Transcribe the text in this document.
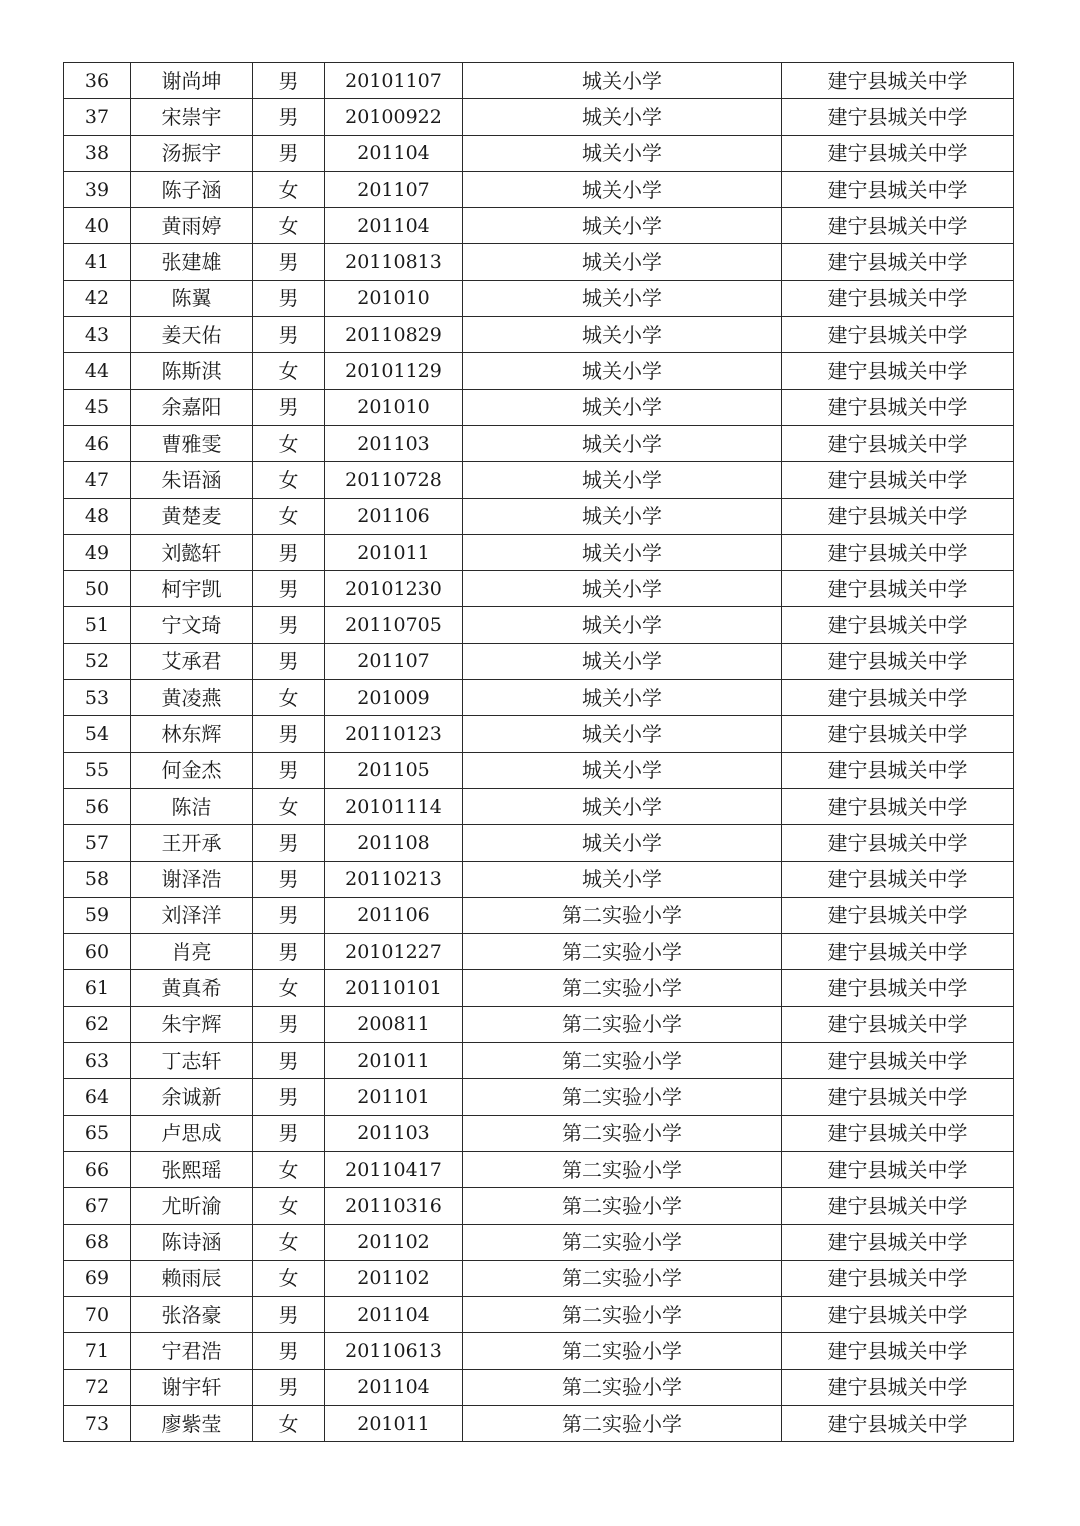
36	谢尚坤	男	20101107	城关小学	建宁县城关中学
37	宋崇宇	男	20100922	城关小学	建宁县城关中学
38	汤振宇	男	201104	城关小学	建宁县城关中学
39	陈子涵	女	201107	城关小学	建宁县城关中学
40	黄雨婷	女	201104	城关小学	建宁县城关中学
41	张建雄	男	20110813	城关小学	建宁县城关中学
42	陈翼	男	201010	城关小学	建宁县城关中学
43	姜天佑	男	20110829	城关小学	建宁县城关中学
44	陈斯淇	女	20101129	城关小学	建宁县城关中学
45	余嘉阳	男	201010	城关小学	建宁县城关中学
46	曹雅雯	女	201103	城关小学	建宁县城关中学
47	朱语涵	女	20110728	城关小学	建宁县城关中学
48	黄楚麦	女	201106	城关小学	建宁县城关中学
49	刘懿轩	男	201011	城关小学	建宁县城关中学
50	柯宇凯	男	20101230	城关小学	建宁县城关中学
51	宁文琦	男	20110705	城关小学	建宁县城关中学
52	艾承君	男	201107	城关小学	建宁县城关中学
53	黄凌燕	女	201009	城关小学	建宁县城关中学
54	林东辉	男	20110123	城关小学	建宁县城关中学
55	何金杰	男	201105	城关小学	建宁县城关中学
56	陈洁	女	20101114	城关小学	建宁县城关中学
57	王开承	男	201108	城关小学	建宁县城关中学
58	谢泽浩	男	20110213	城关小学	建宁县城关中学
59	刘泽洋	男	201106	第二实验小学	建宁县城关中学
60	肖亮	男	20101227	第二实验小学	建宁县城关中学
61	黄真希	女	20110101	第二实验小学	建宁县城关中学
62	朱宇辉	男	200811	第二实验小学	建宁县城关中学
63	丁志轩	男	201011	第二实验小学	建宁县城关中学
64	余诚新	男	201101	第二实验小学	建宁县城关中学
65	卢思成	男	201103	第二实验小学	建宁县城关中学
66	张熙瑶	女	20110417	第二实验小学	建宁县城关中学
67	尤昕渝	女	20110316	第二实验小学	建宁县城关中学
68	陈诗涵	女	201102	第二实验小学	建宁县城关中学
69	赖雨辰	女	201102	第二实验小学	建宁县城关中学
70	张洛豪	男	201104	第二实验小学	建宁县城关中学
71	宁君浩	男	20110613	第二实验小学	建宁县城关中学
72	谢宇轩	男	201104	第二实验小学	建宁县城关中学
73	廖紫莹	女	201011	第二实验小学	建宁县城关中学
